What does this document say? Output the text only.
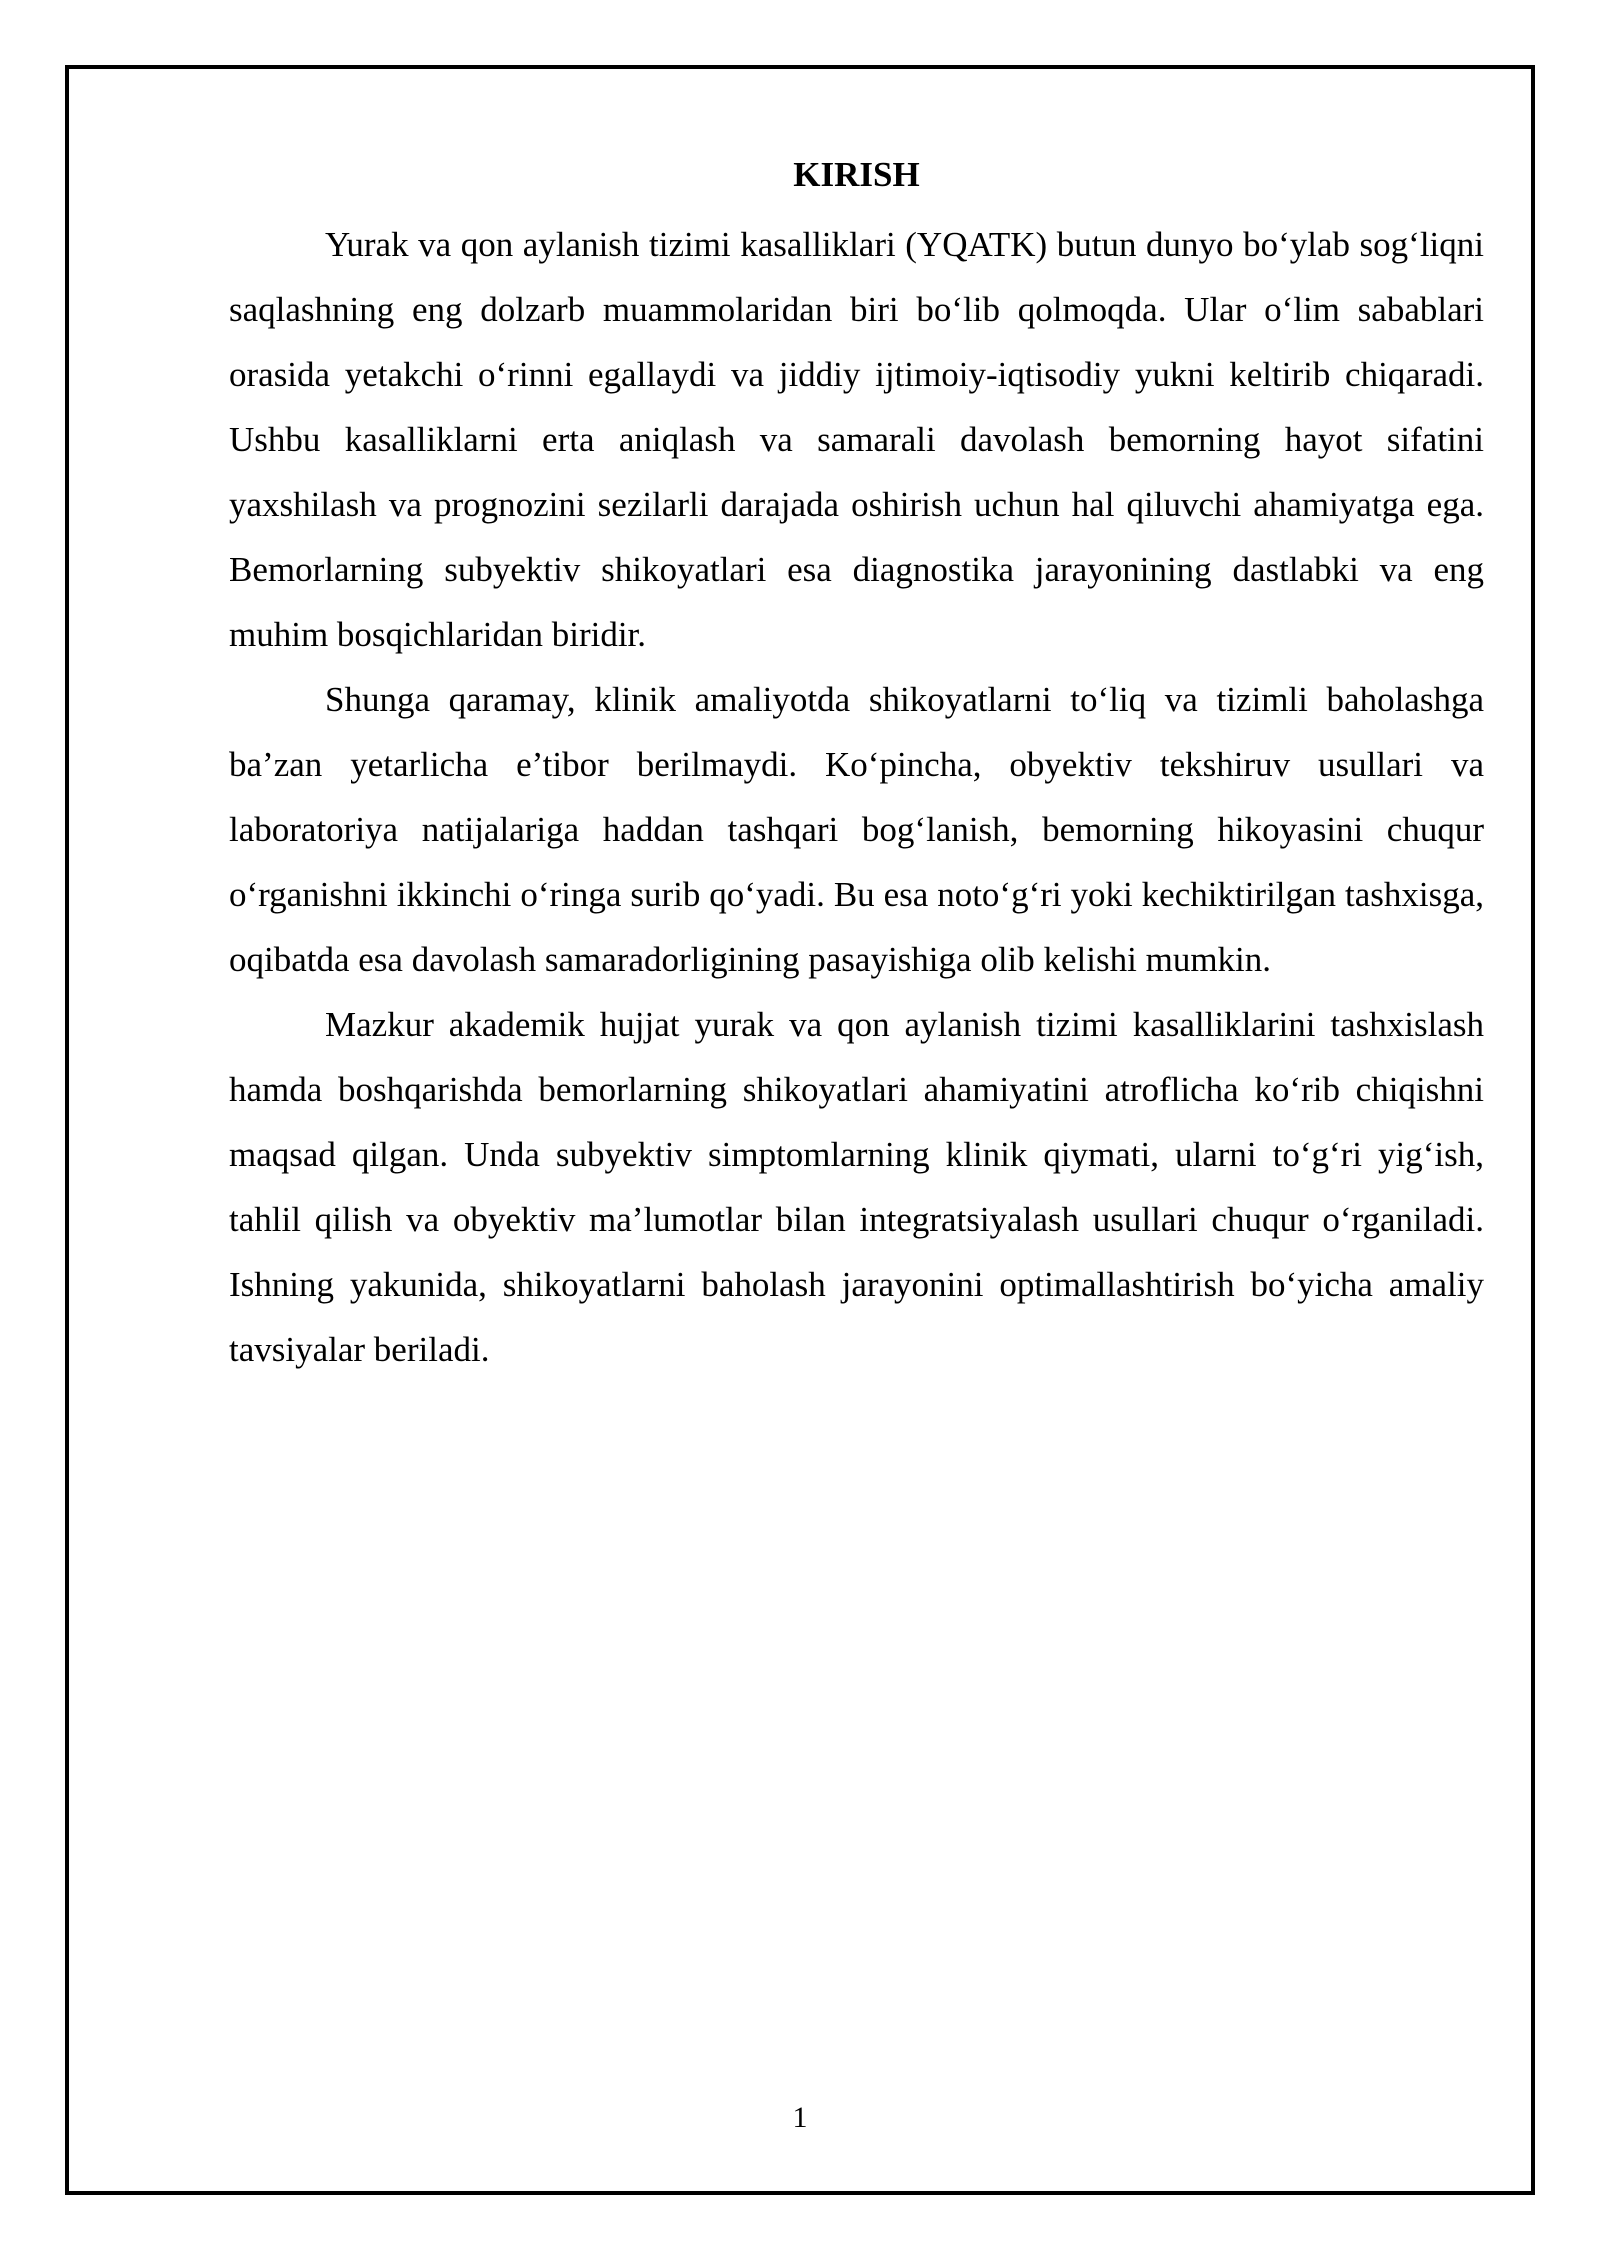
KIRISH

Yurak va qon aylanish tizimi kasalliklari (YQATK) butun dunyo bo‘ylab sog‘liqni saqlashning eng dolzarb muammolaridan biri bo‘lib qolmoqda. Ular o‘lim sabablari orasida yetakchi o‘rinni egallaydi va jiddiy ijtimoiy-iqtisodiy yukni keltirib chiqaradi. Ushbu kasalliklarni erta aniqlash va samarali davolash bemorning hayot sifatini yaxshilash va prognozini sezilarli darajada oshirish uchun hal qiluvchi ahamiyatga ega. Bemorlarning subyektiv shikoyatlari esa diagnostika jarayonining dastlabki va eng muhim bosqichlaridan biridir.

Shunga qaramay, klinik amaliyotda shikoyatlarni to‘liq va tizimli baholashga ba’zan yetarlicha e’tibor berilmaydi. Ko‘pincha, obyektiv tekshiruv usullari va laboratoriya natijalariga haddan tashqari bog‘lanish, bemorning hikoyasini chuqur o‘rganishni ikkinchi o‘ringa surib qo‘yadi. Bu esa noto‘g‘ri yoki kechiktirilgan tashxisga, oqibatda esa davolash samaradorligining pasayishiga olib kelishi mumkin.

Mazkur akademik hujjat yurak va qon aylanish tizimi kasalliklarini tashxislash hamda boshqarishda bemorlarning shikoyatlari ahamiyatini atroflicha ko‘rib chiqishni maqsad qilgan. Unda subyektiv simptomlarning klinik qiymati, ularni to‘g‘ri yig‘ish, tahlil qilish va obyektiv ma’lumotlar bilan integratsiyalash usullari chuqur o‘rganiladi. Ishning yakunida, shikoyatlarni baholash jarayonini optimallashtirish bo‘yicha amaliy tavsiyalar beriladi.

1
